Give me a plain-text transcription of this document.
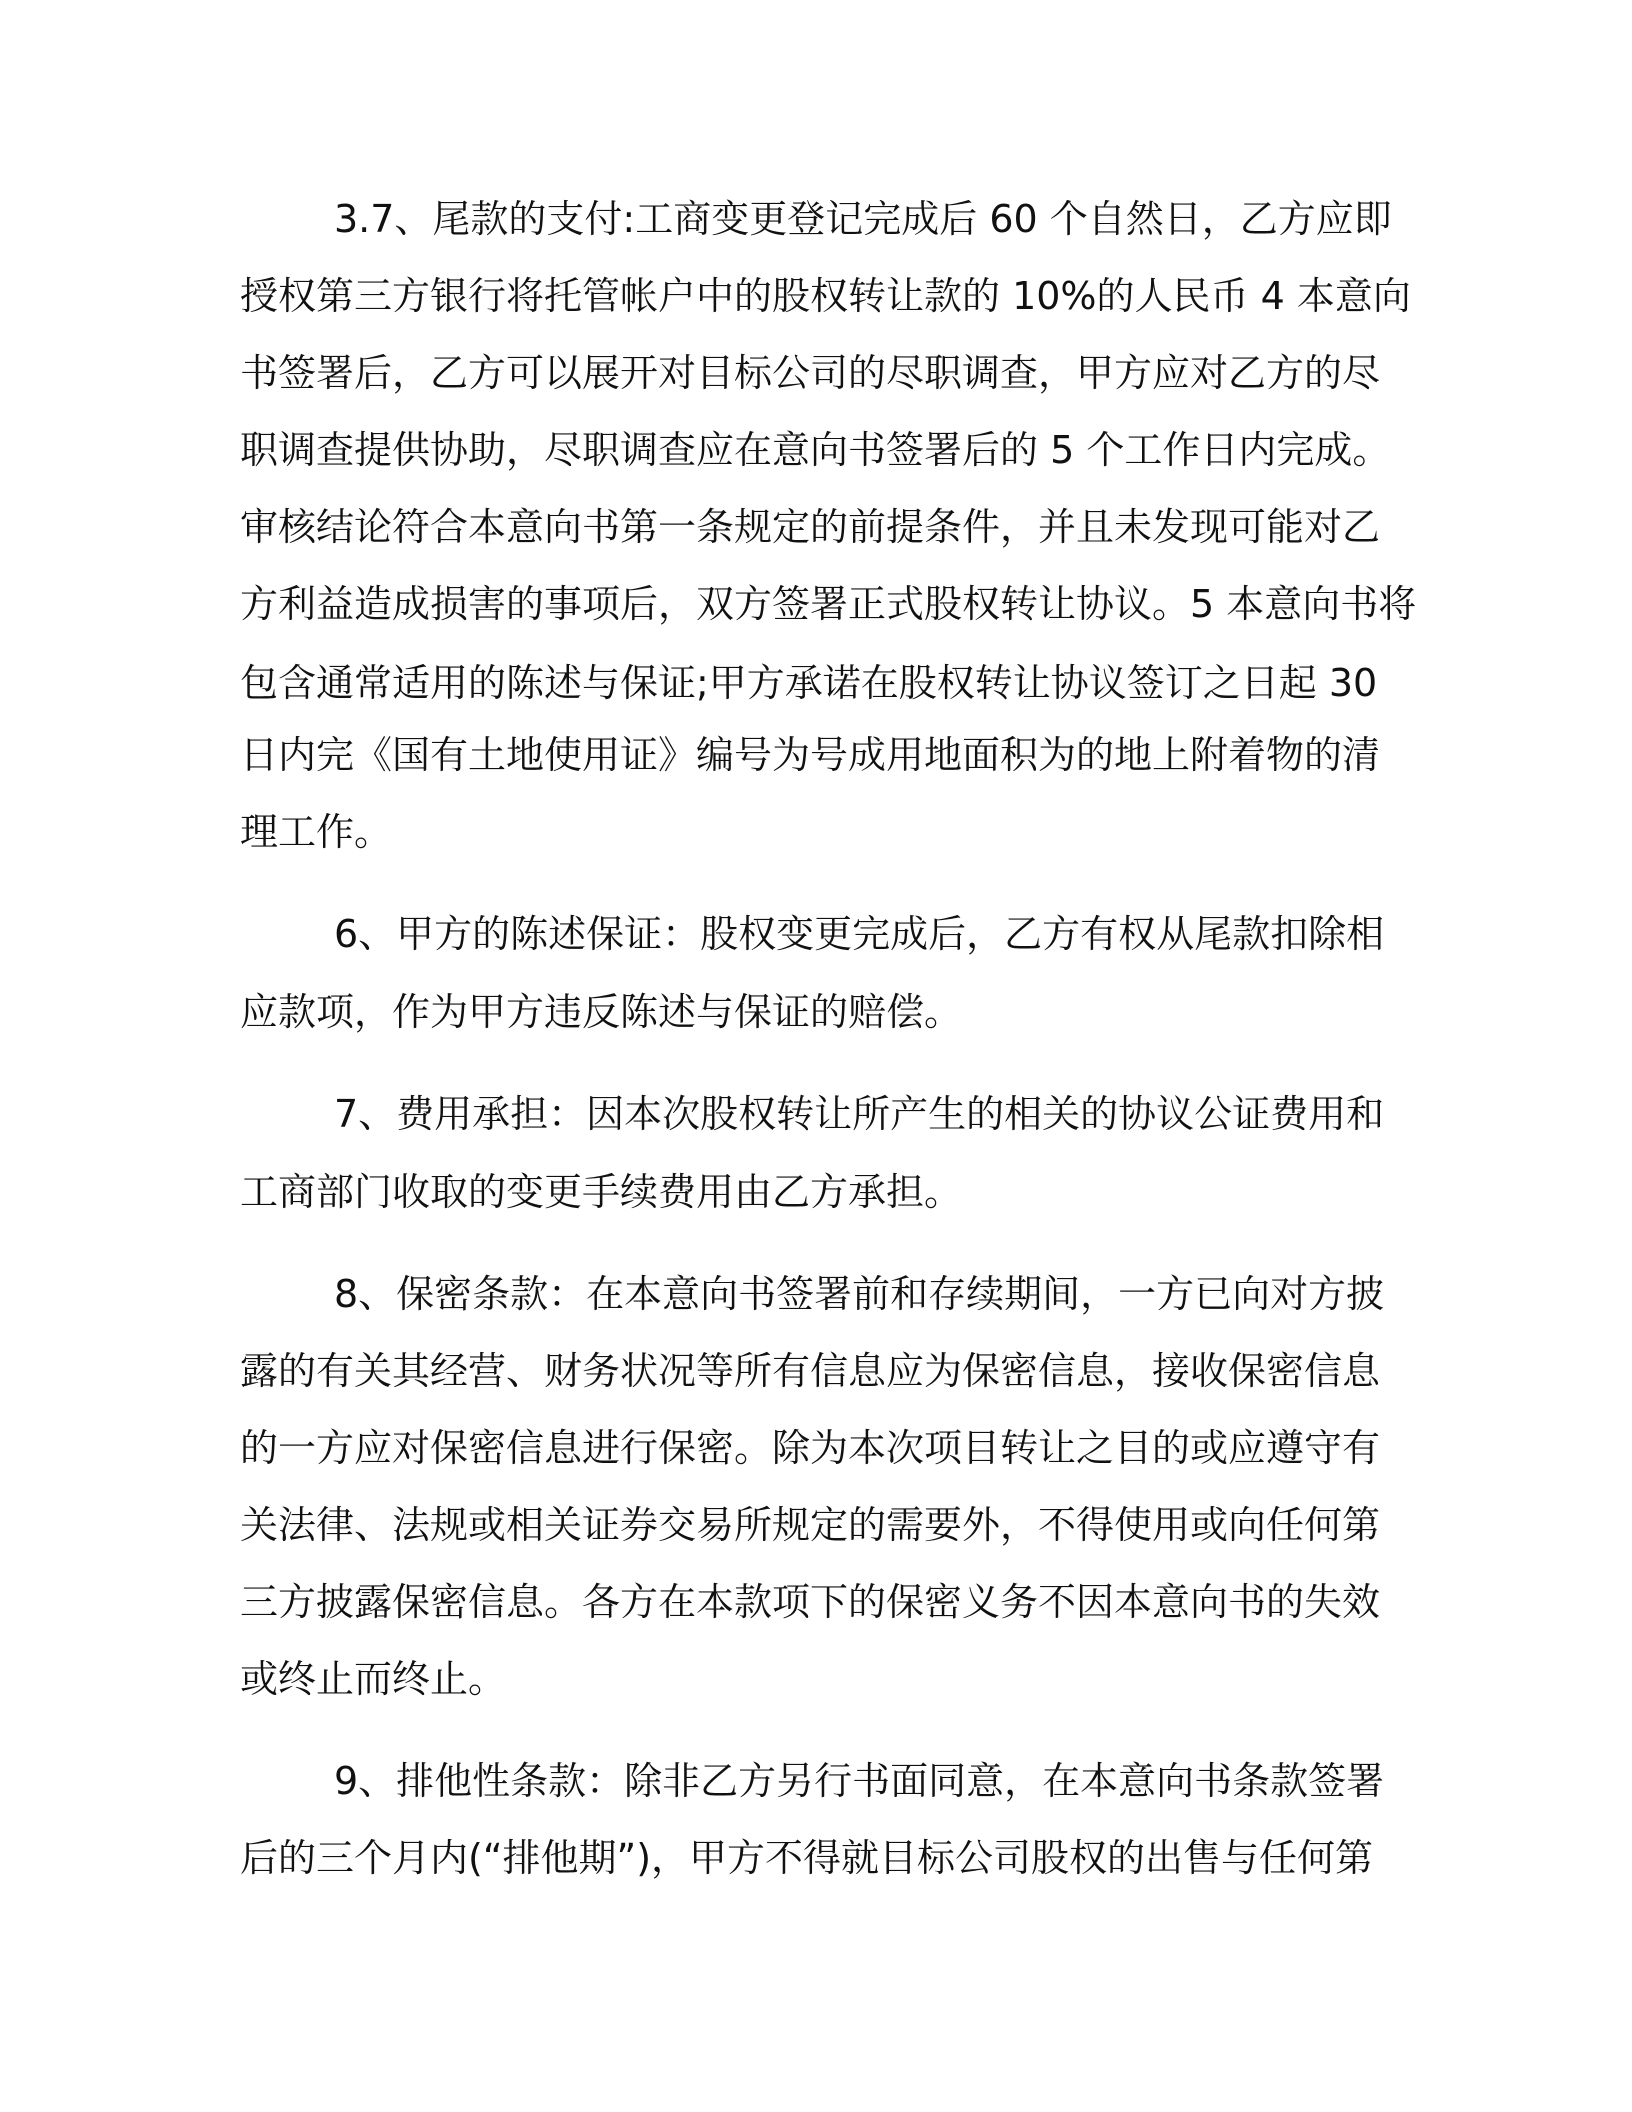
3.7、尾款的支付:工商变更登记完成后 60 个自然日，乙方应即
授权第三方银行将托管帐户中的股权转让款的 10%的人民币 4 本意向
书签署后，乙方可以展开对目标公司的尽职调查，甲方应对乙方的尽
职调查提供协助，尽职调查应在意向书签署后的 5 个工作日内完成。
审核结论符合本意向书第一条规定的前提条件，并且未发现可能对乙
方利益造成损害的事项后，双方签署正式股权转让协议。5 本意向书将
包含通常适用的陈述与保证;甲方承诺在股权转让协议签订之日起 30
日内完《国有土地使用证》编号为号成用地面积为的地上附着物的清
理工作。
6、甲方的陈述保证：股权变更完成后，乙方有权从尾款扣除相
应款项，作为甲方违反陈述与保证的赔偿。
7、费用承担：因本次股权转让所产生的相关的协议公证费用和
工商部门收取的变更手续费用由乙方承担。
8、保密条款：在本意向书签署前和存续期间，一方已向对方披
露的有关其经营、财务状况等所有信息应为保密信息，接收保密信息
的一方应对保密信息进行保密。除为本次项目转让之目的或应遵守有
关法律、法规或相关证券交易所规定的需要外，不得使用或向任何第
三方披露保密信息。各方在本款项下的保密义务不因本意向书的失效
或终止而终止。
9、排他性条款：除非乙方另行书面同意，在本意向书条款签署
后的三个月内(“排他期”)，甲方不得就目标公司股权的出售与任何第
